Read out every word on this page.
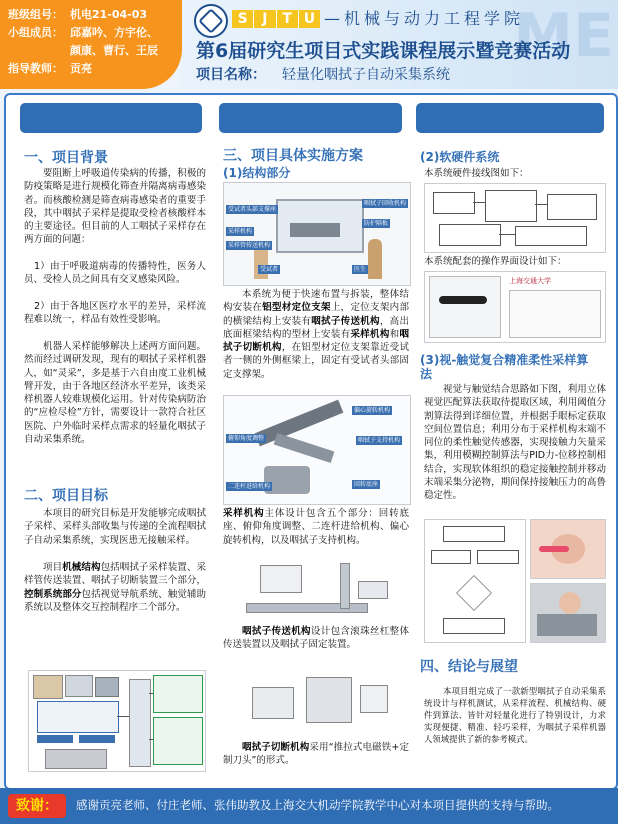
班级组号： 机电21-04-03
小组成员： 邱嘉吟、方宇伦、
颜康、曹行、王辰
指导教师： 贡亮	ME
S	J	T U —机械与动力工程学院
第6届研究生项目式实践课程展示暨竞赛活动
项目名称： 轻量化咽拭子自动采集系统
一、项目背景
要阻断上呼吸道传染病的传播，积极的防疫策略是进行规模化筛查并隔离病毒感染者。而核酸检测是筛查病毒感染者的重要手段，其中咽拭子采样是提取受检者核酸样本的主要途径。但目前的人工咽拭子采样存在两方面的问题：
1）由于呼吸道病毒的传播特性，医务人员、受检人员之间具有交叉感染风险。
2）由于各地区医疗水平的差异，采样流程难以统一，样品有效性受影响。
机器人采样能够解决上述两方面问题。然而经过调研发现，现有的咽拭子采样机器人，如“灵采”，多是基于六自由度工业机械臂开发，由于各地区经济水平差异，该类采样机器人较难规模化运用。针对传染病防治的“应检尽检”方针，需要设计一款符合社区医院、户外临时采样点需求的轻量化咽拭子自动采集系统。
二、项目目标
本项目的研究目标是开发能够完成咽拭子采样、采样头部收集与传递的全流程咽拭子自动采集系统，实现医患无接触采样。
项目机械结构包括咽拭子采样装置、采样管传送装置、咽拭子切断装置三个部分，控制系统部分包括视觉导航系统、触觉辅助系统以及整体交互控制程序二个部分。
三、项目具体实施方案
(1)结构部分
受试者头部支撑座
采样机构
采样管传送机构
受试者	医生
咽拭子回收机构
防护隔板
本系统为便于快速布置与拆装，整体结构安装在铝型材定位支架上，定位支架内部的横梁结构上安装有咽拭子传送机构，高出底面框梁结构的型材上安装有采样机构和咽拭子切断机构，在铝型材定位支架靠近受试者一侧的外侧框梁上，固定有受试者头部固定支撑架。
偏心旋转机构
咽拭子支持机构
回转底座
俯仰角度调整
二连杆进给机构
采样机构主体设计包含五个部分：回转底座、俯仰角度调整、二连杆进给机构、偏心旋转机构，以及咽拭子支持机构。
咽拭子传送机构设计包含滚珠丝杠整体传送装置以及咽拭子固定装置。
咽拭子切断机构采用“推拉式电磁铁+定制刀头”的形式。
(2)软硬件系统
本系统硬件接线图如下：
本系统配套的操作界面设计如下：
上海交通大学
(3)视-触觉复合精准柔性采样算法
视觉与触觉结合思路如下图，利用立体视觉匹配算法获取待提取区域，利用阈值分割算法得到详细位置，并根据手眼标定获取空间位置信息；利用分布于采样机构末端不同位的柔性触觉传感器，实现接触力矢量采集，利用模糊控制算法与PID力-位移控制相结合，实现软体组织的稳定接触控制并移动末端采集分泌物，期间保持接触压力的高鲁稳定性。
四、结论与展望
本项目组完成了一款新型咽拭子自动采集系统设计与样机测试，从采样流程、机械结构、硬件到算法、皆针对轻量化进行了特别设计，力求实现便捷、精准、轻巧采样，为咽拭子采样机器人领域提供了新的参考模式。
致谢：	感谢贡亮老师、付庄老师、张伟助教及上海交大机动学院教学中心对本项目提供的支持与帮助。
